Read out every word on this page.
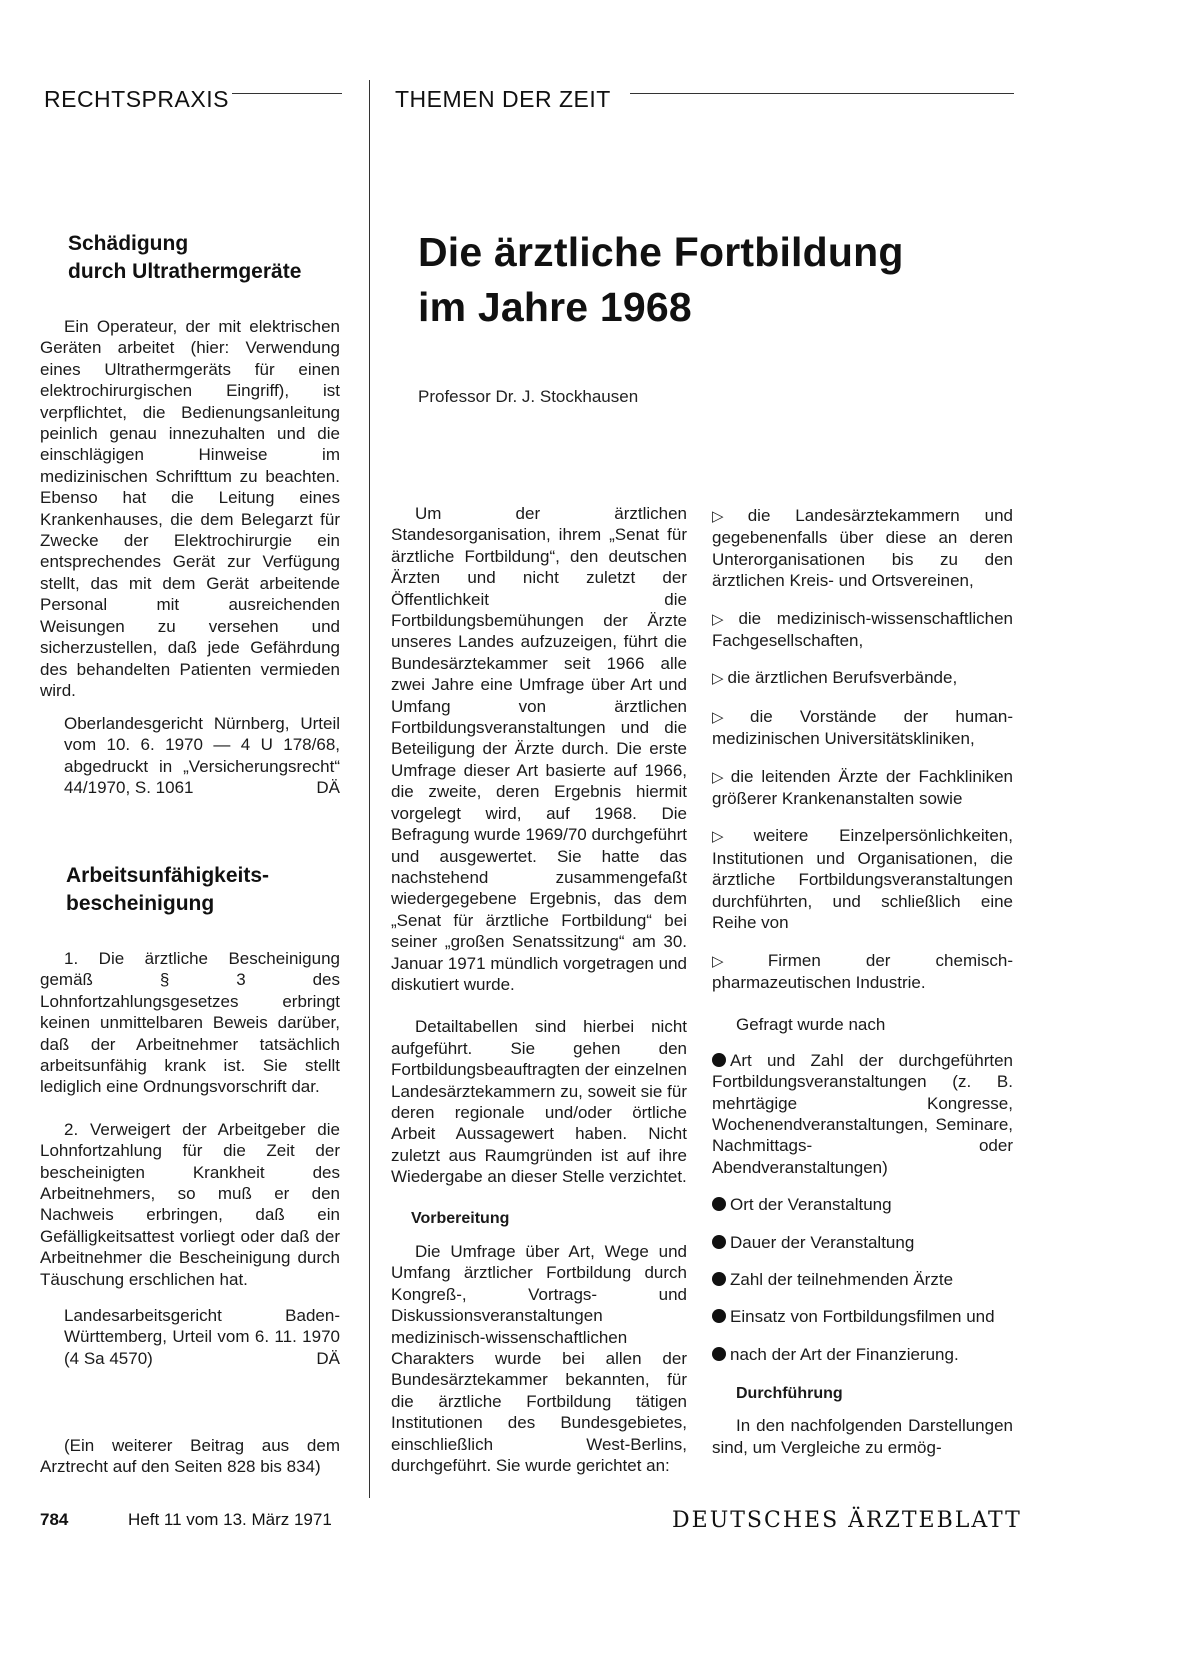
RECHTSPRAXIS	THEMEN DER ZEIT
Schädigung
durch Ultrathermgeräte

Ein Operateur, der mit elektrischen Geräten arbeitet (hier: Verwendung eines Ultrathermgeräts für einen elektrochirurgischen Eingriff), ist verpflichtet, die Bedienungsanleitung peinlich genau innezuhalten und die einschlägigen Hinweise im medizinischen Schrifttum zu beachten. Ebenso hat die Leitung eines Krankenhauses, die dem Belegarzt für Zwecke der Elektrochirurgie ein entsprechendes Gerät zur Verfügung stellt, das mit dem Gerät arbeitende Personal mit ausreichenden Weisungen zu versehen und sicherzustellen, daß jede Gefährdung des behandelten Patienten vermieden wird.

Oberlandesgericht Nürnberg, Urteil vom 10. 6. 1970 — 4 U 178/68, abgedruckt in „Versicherungsrecht“ 44/1970, S. 1061	DÄ
Arbeitsunfähigkeits-
bescheinigung

1. Die ärztliche Bescheinigung gemäß § 3 des Lohnfortzahlungsgesetzes erbringt keinen unmittelbaren Beweis darüber, daß der Arbeitnehmer tatsächlich arbeitsunfähig krank ist. Sie stellt lediglich eine Ordnungsvorschrift dar.

2. Verweigert der Arbeitgeber die Lohnfortzahlung für die Zeit der bescheinigten Krankheit des Arbeitnehmers, so muß er den Nachweis erbringen, daß ein Gefälligkeitsattest vorliegt oder daß der Arbeitnehmer die Bescheinigung durch Täuschung erschlichen hat.

Landesarbeitsgericht Baden-Württemberg, Urteil vom 6. 11. 1970 (4 Sa 4570)	DÄ

(Ein weiterer Beitrag aus dem Arztrecht auf den Seiten 828 bis 834)

Die ärztliche Fortbildung
im Jahre 1968
Professor Dr. J. Stockhausen

Um der ärztlichen Standesorganisation, ihrem „Senat für ärztliche Fortbildung“, den deutschen Ärzten und nicht zuletzt der Öffentlichkeit die Fortbildungsbemühungen der Ärzte unseres Landes aufzuzeigen, führt die Bundesärztekammer seit 1966 alle zwei Jahre eine Umfrage über Art und Umfang von ärztlichen Fortbildungsveranstaltungen und die Beteiligung der Ärzte durch. Die erste Umfrage dieser Art basierte auf 1966, die zweite, deren Ergebnis hiermit vorgelegt wird, auf 1968. Die Befragung wurde 1969/70 durchgeführt und ausgewertet. Sie hatte das nachstehend zusammengefaßt wiedergegebene Ergebnis, das dem „Senat für ärztliche Fortbildung“ bei seiner „großen Senatssitzung“ am 30. Januar 1971 mündlich vorgetragen und diskutiert wurde.

Detailtabellen sind hierbei nicht aufgeführt. Sie gehen den Fortbildungsbeauftragten der einzelnen Landesärztekammern zu, soweit sie für deren regionale und/oder örtliche Arbeit Aussagewert haben. Nicht zuletzt aus Raumgründen ist auf ihre Wiedergabe an dieser Stelle verzichtet.

Vorbereitung

Die Umfrage über Art, Wege und Umfang ärztlicher Fortbildung durch Kongreß-, Vortrags- und Diskussionsveranstaltungen medizinisch-wissenschaftlichen Charakters wurde bei allen der Bundesärztekammer bekannten, für die ärztliche Fortbildung tätigen Institutionen des Bundesgebietes, einschließlich West-Berlins, durchgeführt. Sie wurde gerichtet an:

▷ die Landesärztekammern und gegebenenfalls über diese an deren Unterorganisationen bis zu den ärztlichen Kreis- und Ortsvereinen,
▷ die medizinisch-wissenschaftlichen Fachgesellschaften,
▷ die ärztlichen Berufsverbände,
▷ die Vorstände der human-medizinischen Universitätskliniken,
▷ die leitenden Ärzte der Fachkliniken größerer Krankenanstalten sowie
▷ weitere Einzelpersönlichkeiten, Institutionen und Organisationen, die ärztliche Fortbildungsveranstaltungen durchführten, und schließlich eine Reihe von
▷ Firmen der chemisch-pharmazeutischen Industrie.
Gefragt wurde nach
Art und Zahl der durchgeführten Fortbildungsveranstaltungen (z. B. mehrtägige Kongresse, Wochenendveranstaltungen, Seminare, Nachmittags- oder Abendveranstaltungen)
Ort der Veranstaltung
Dauer der Veranstaltung
Zahl der teilnehmenden Ärzte
Einsatz von Fortbildungsfilmen und
nach der Art der Finanzierung.
Durchführung
In den nachfolgenden Darstellungen sind, um Vergleiche zu ermög-
784	Heft 11 vom 13. März 1971	DEUTSCHES ÄRZTEBLATT
